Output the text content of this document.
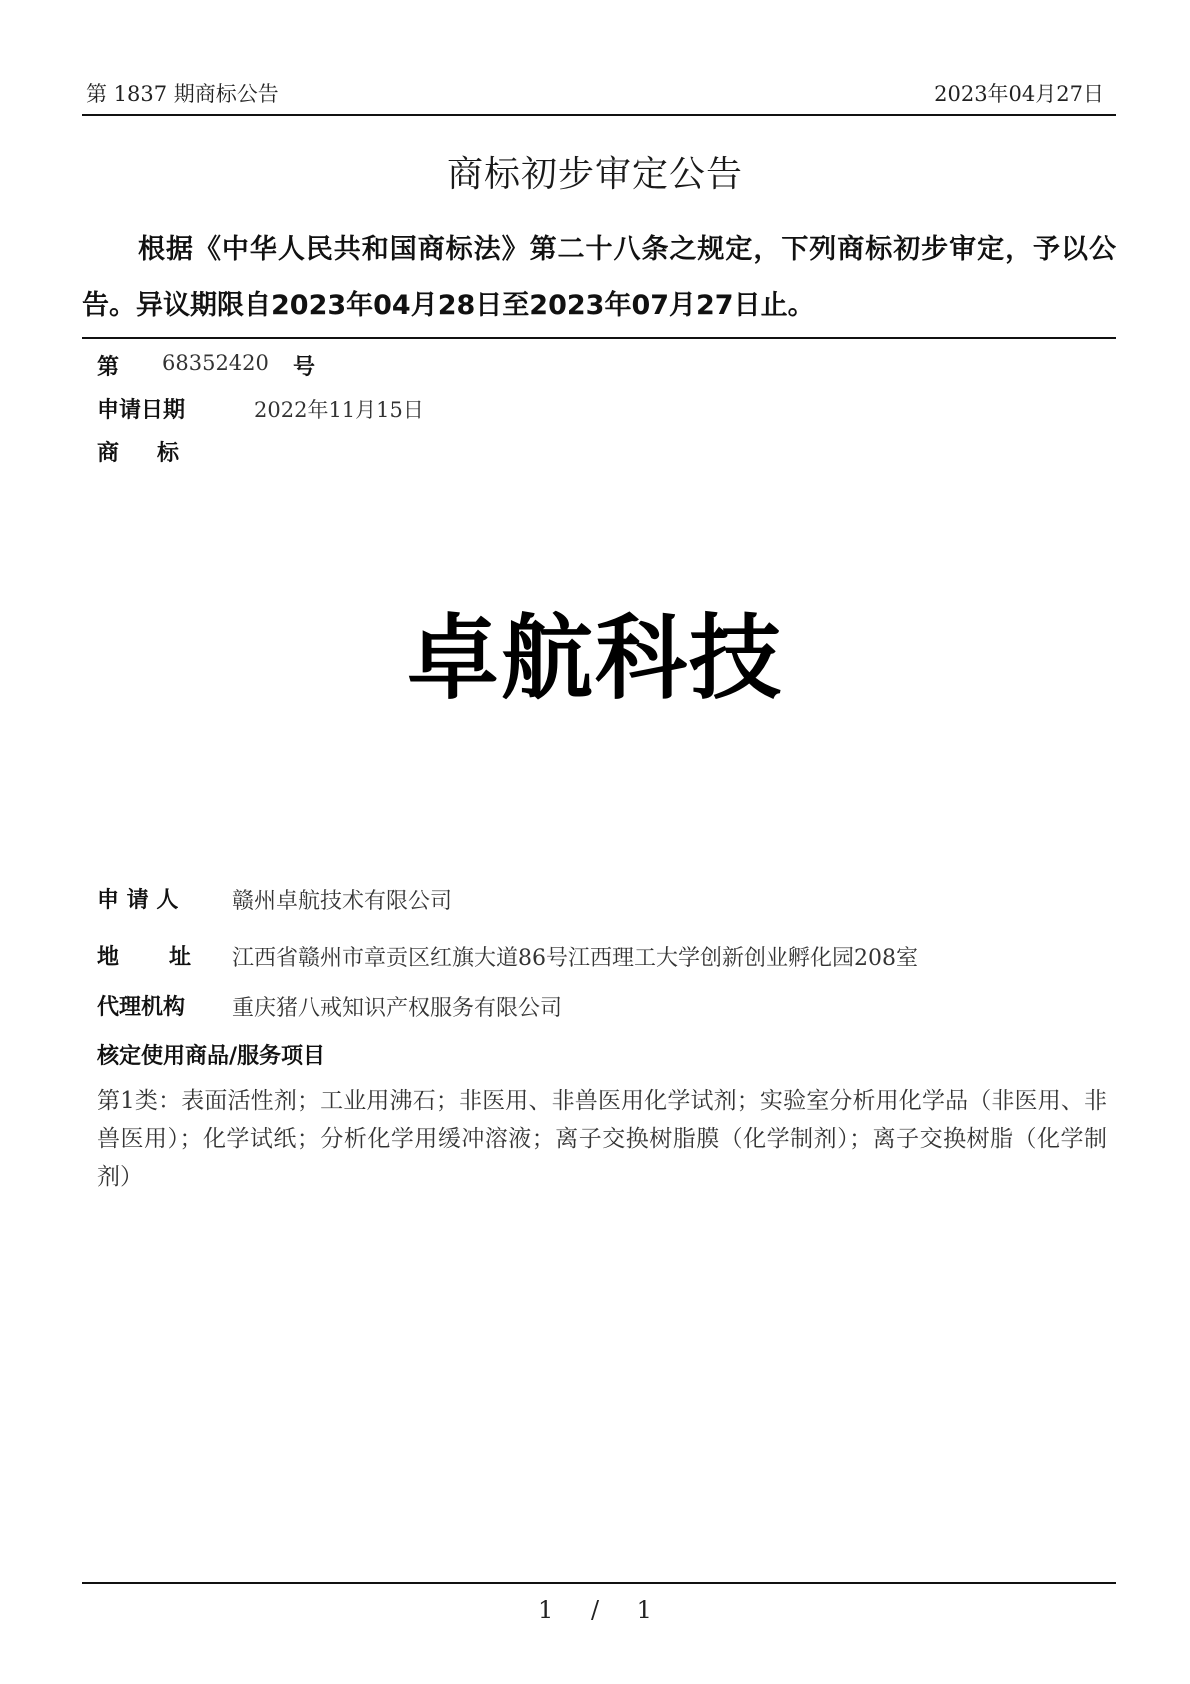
第 1837 期商标公告	2023年04月27日
商标初步审定公告

根据《中华人民共和国商标法》第二十八条之规定，下列商标初步审定，予以公告。异议期限自2023年04月28日至2023年07月27日止。

第 68352420 号
申请日期	2022年11月15日
商　标
卓航科技
申 请 人 赣州卓航技术有限公司
地　址 江西省赣州市章贡区红旗大道86号江西理工大学创新创业孵化园208室
代理机构 重庆猪八戒知识产权服务有限公司
核定使用商品/服务项目

第1类：表面活性剂；工业用沸石；非医用、非兽医用化学试剂；实验室分析用化学品（非医用、非兽医用）；化学试纸；分析化学用缓冲溶液；离子交换树脂膜（化学制剂）；离子交换树脂（化学制剂）

1 / 1
